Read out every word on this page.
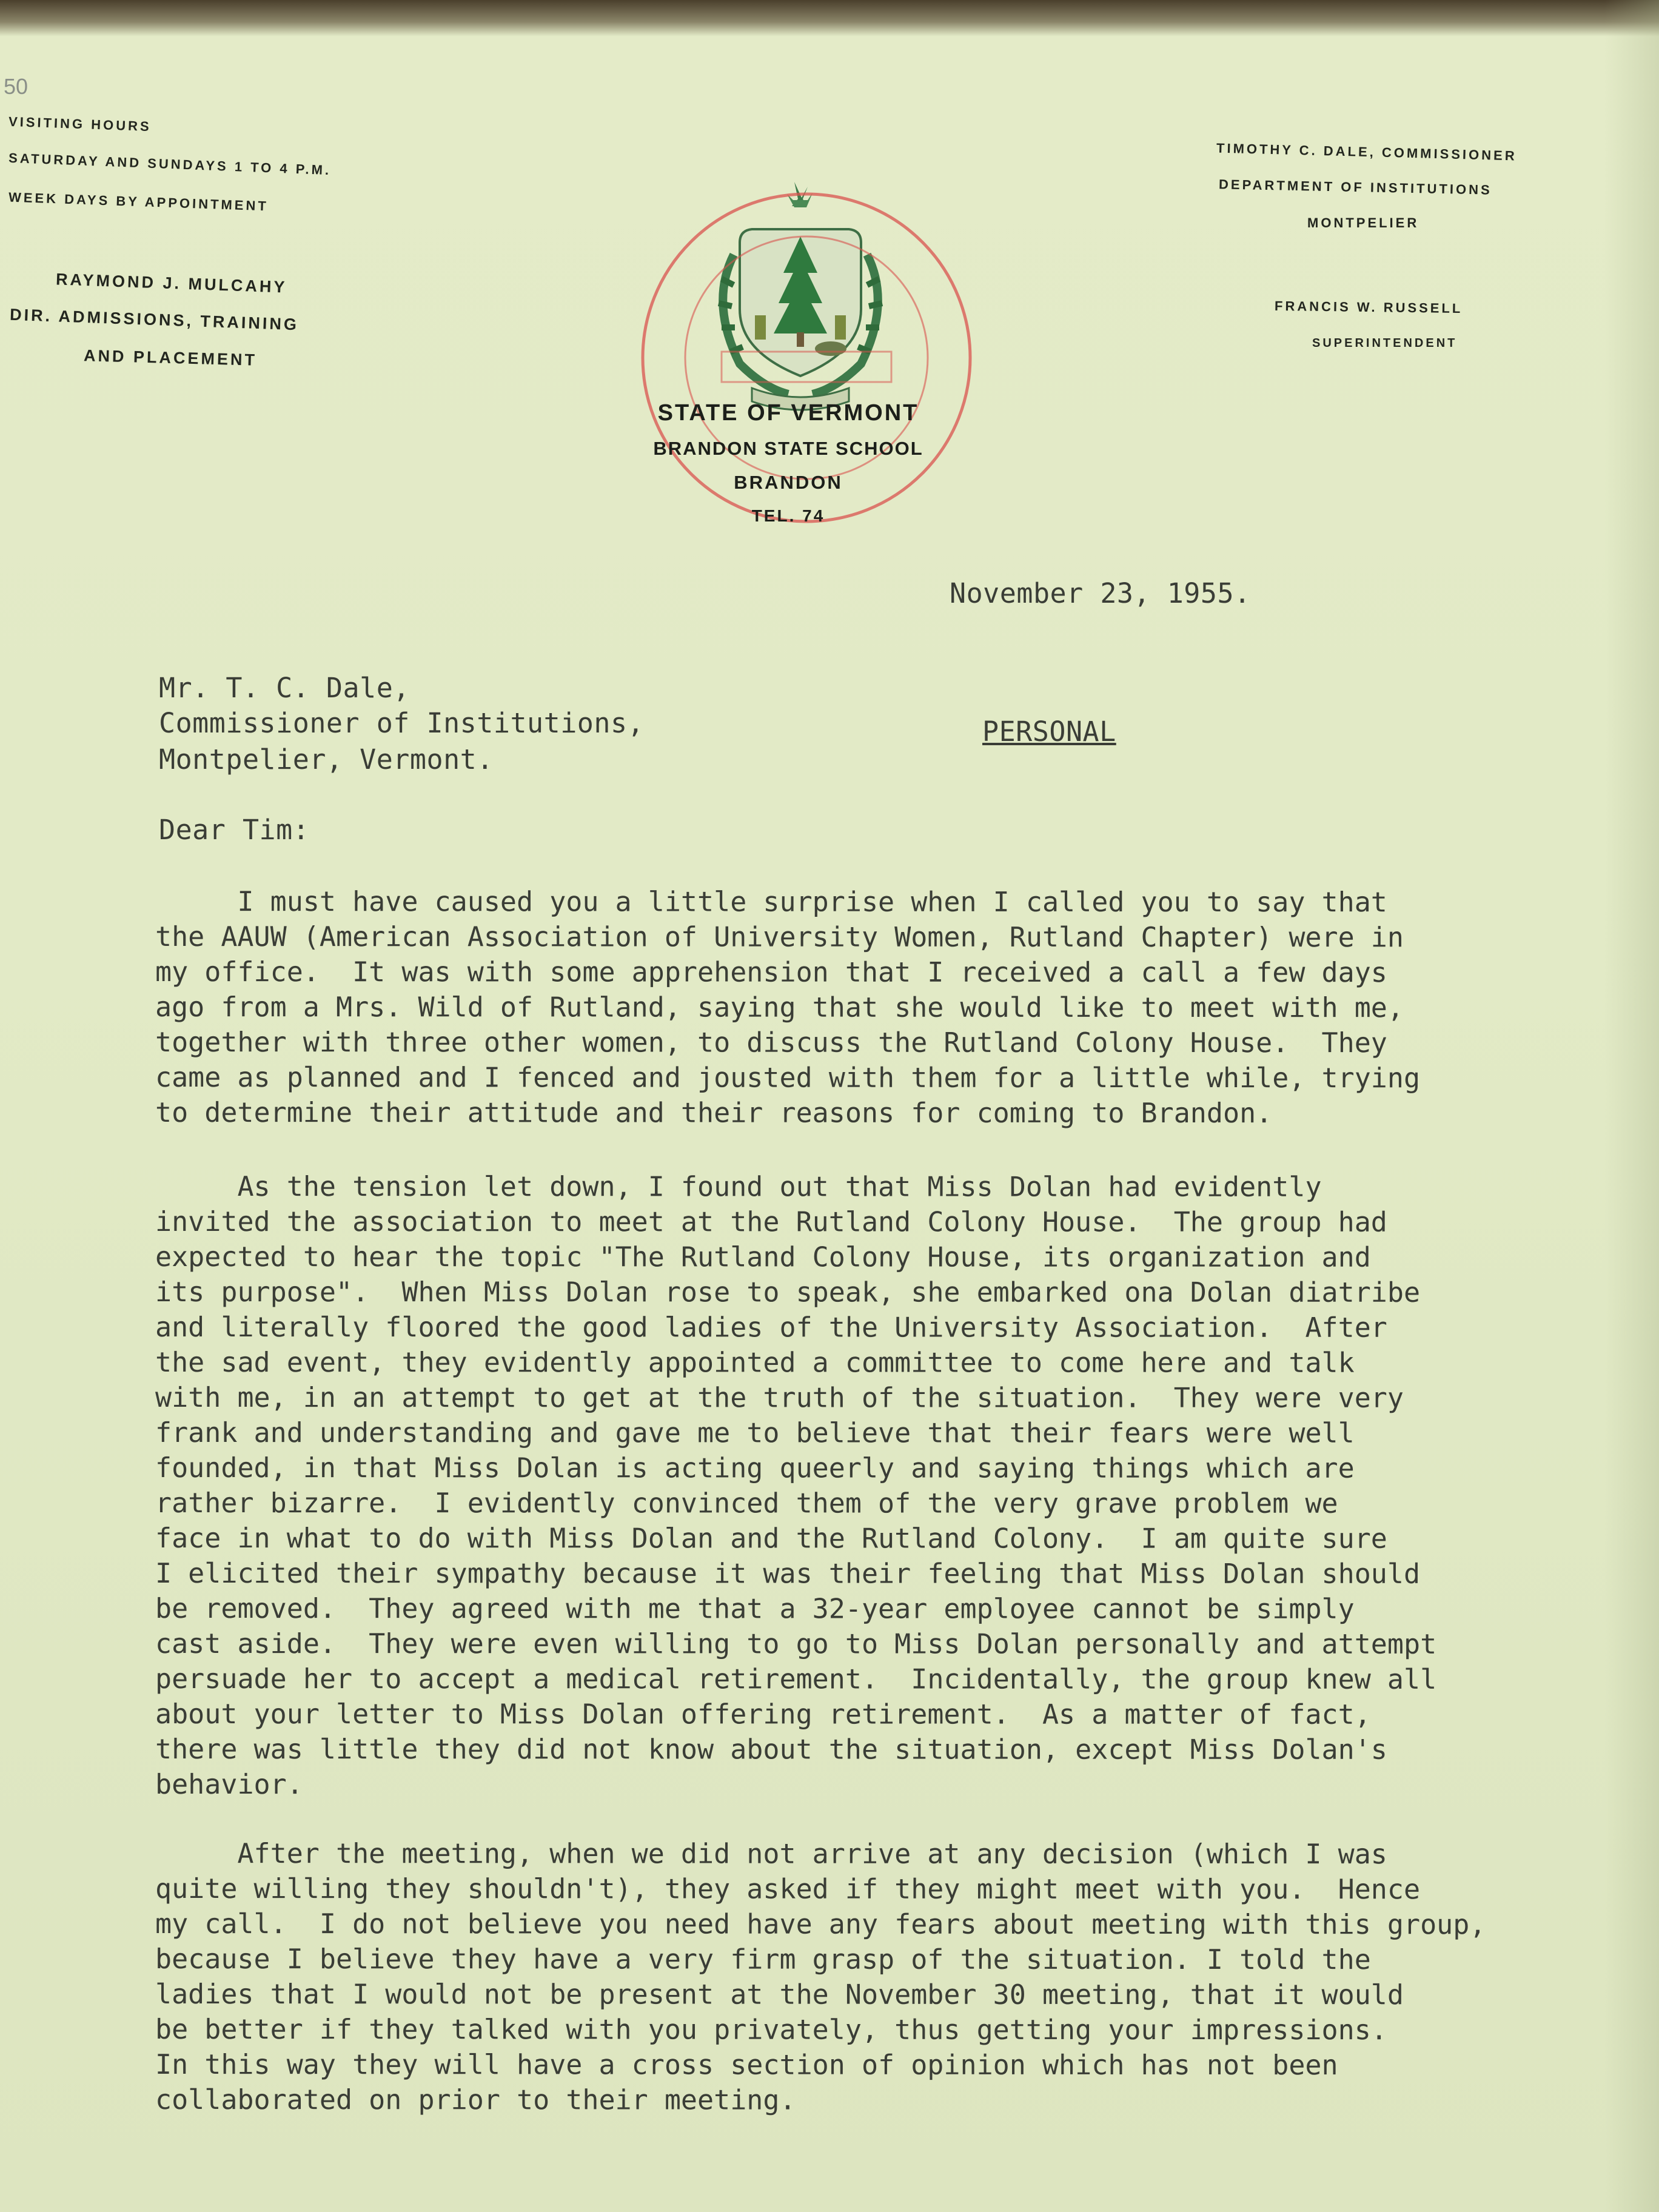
50
VISITING HOURS
SATURDAY AND SUNDAYS 1 TO 4 P.M.
WEEK DAYS BY APPOINTMENT
RAYMOND J. MULCAHY
DIR. ADMISSIONS, TRAINING
AND PLACEMENT
TIMOTHY C. DALE, COMMISSIONER
DEPARTMENT OF INSTITUTIONS
MONTPELIER
FRANCIS W. RUSSELL
SUPERINTENDENT
STATE OF VERMONT
BRANDON STATE SCHOOL
BRANDON
TEL. 74
November 23, 1955.
Mr. T. C. Dale,
Commissioner of Institutions,
Montpelier, Vermont.
PERSONAL
Dear Tim:
I must have caused you a little surprise when I called you to say that
the AAUW (American Association of University Women, Rutland Chapter) were in
my office.  It was with some apprehension that I received a call a few days
ago from a Mrs. Wild of Rutland, saying that she would like to meet with me,
together with three other women, to discuss the Rutland Colony House.  They
came as planned and I fenced and jousted with them for a little while, trying
to determine their attitude and their reasons for coming to Brandon.
As the tension let down, I found out that Miss Dolan had evidently
invited the association to meet at the Rutland Colony House.  The group had
expected to hear the topic "The Rutland Colony House, its organization and
its purpose".  When Miss Dolan rose to speak, she embarked ona Dolan diatribe
and literally floored the good ladies of the University Association.  After
the sad event, they evidently appointed a committee to come here and talk
with me, in an attempt to get at the truth of the situation.  They were very
frank and understanding and gave me to believe that their fears were well
founded, in that Miss Dolan is acting queerly and saying things which are
rather bizarre.  I evidently convinced them of the very grave problem we
face in what to do with Miss Dolan and the Rutland Colony.  I am quite sure
I elicited their sympathy because it was their feeling that Miss Dolan should
be removed.  They agreed with me that a 32-year employee cannot be simply
cast aside.  They were even willing to go to Miss Dolan personally and attempt
persuade her to accept a medical retirement.  Incidentally, the group knew all
about your letter to Miss Dolan offering retirement.  As a matter of fact,
there was little they did not know about the situation, except Miss Dolan's
behavior.
After the meeting, when we did not arrive at any decision (which I was
quite willing they shouldn't), they asked if they might meet with you.  Hence
my call.  I do not believe you need have any fears about meeting with this group,
because I believe they have a very firm grasp of the situation. I told the
ladies that I would not be present at the November 30 meeting, that it would
be better if they talked with you privately, thus getting your impressions.
In this way they will have a cross section of opinion which has not been
collaborated on prior to their meeting.
